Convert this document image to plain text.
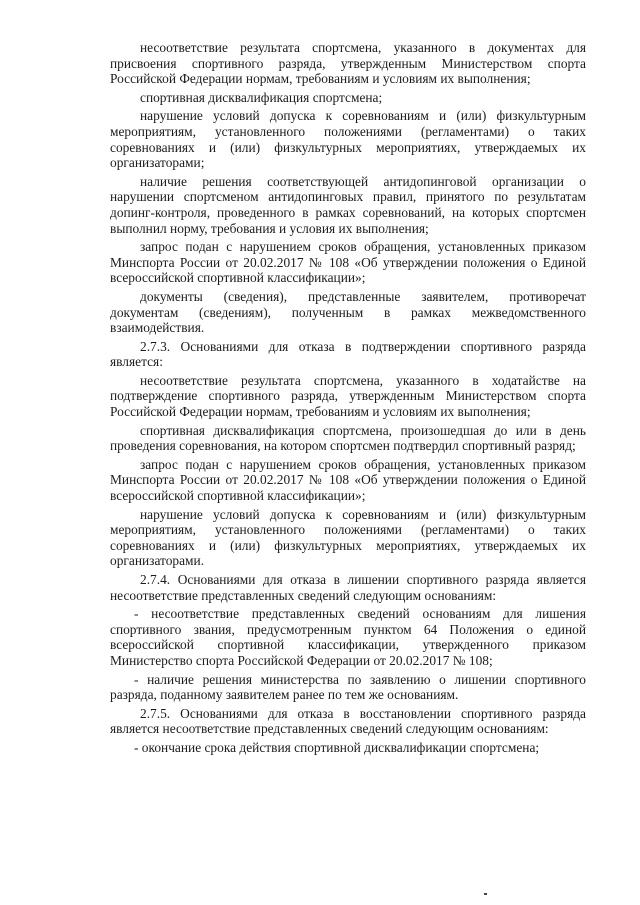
несоответствие результата спортсмена, указанного в документах для присвоения спортивного разряда, утвержденным Министерством спорта Российской Федерации нормам, требованиям и условиям их выполнения;

спортивная дисквалификация спортсмена;

нарушение условий допуска к соревнованиям и (или) физкультурным мероприятиям, установленного положениями (регламентами) о таких соревнованиях и (или) физкультурных мероприятиях, утверждаемых их организаторами;

наличие решения соответствующей антидопинговой организации о нарушении спортсменом антидопинговых правил, принятого по результатам допинг-контроля, проведенного в рамках соревнований, на которых спортсмен выполнил норму, требования и условия их выполнения;

запрос подан с нарушением сроков обращения, установленных приказом Минспорта России от 20.02.2017 № 108 «Об утверждении положения о Единой всероссийской спортивной классификации»;

документы (сведения), представленные заявителем, противоречат документам (сведениям), полученным в рамках межведомственного взаимодействия.

2.7.3. Основаниями для отказа в подтверждении спортивного разряда является:

несоответствие результата спортсмена, указанного в ходатайстве на подтверждение спортивного разряда, утвержденным Министерством спорта Российской Федерации нормам, требованиям и условиям их выполнения;

спортивная дисквалификация спортсмена, произошедшая до или в день проведения соревнования, на котором спортсмен подтвердил спортивный разряд;

запрос подан с нарушением сроков обращения, установленных приказом Минспорта России от 20.02.2017 № 108 «Об утверждении положения о Единой всероссийской спортивной классификации»;

нарушение условий допуска к соревнованиям и (или) физкультурным мероприятиям, установленного положениями (регламентами) о таких соревнованиях и (или) физкультурных мероприятиях, утверждаемых их организаторами.

2.7.4. Основаниями для отказа в лишении спортивного разряда является несоответствие представленных сведений следующим основаниям:

- несоответствие представленных сведений основаниям для лишения спортивного звания, предусмотренным пунктом 64 Положения о единой всероссийской спортивной классификации, утвержденного приказом Министерство спорта Российской Федерации от 20.02.2017 № 108;

- наличие решения министерства по заявлению о лишении спортивного разряда, поданному заявителем ранее по тем же основаниям.

2.7.5. Основаниями для отказа в восстановлении спортивного разряда является несоответствие представленных сведений следующим основаниям:

- окончание срока действия спортивной дисквалификации спортсмена;
